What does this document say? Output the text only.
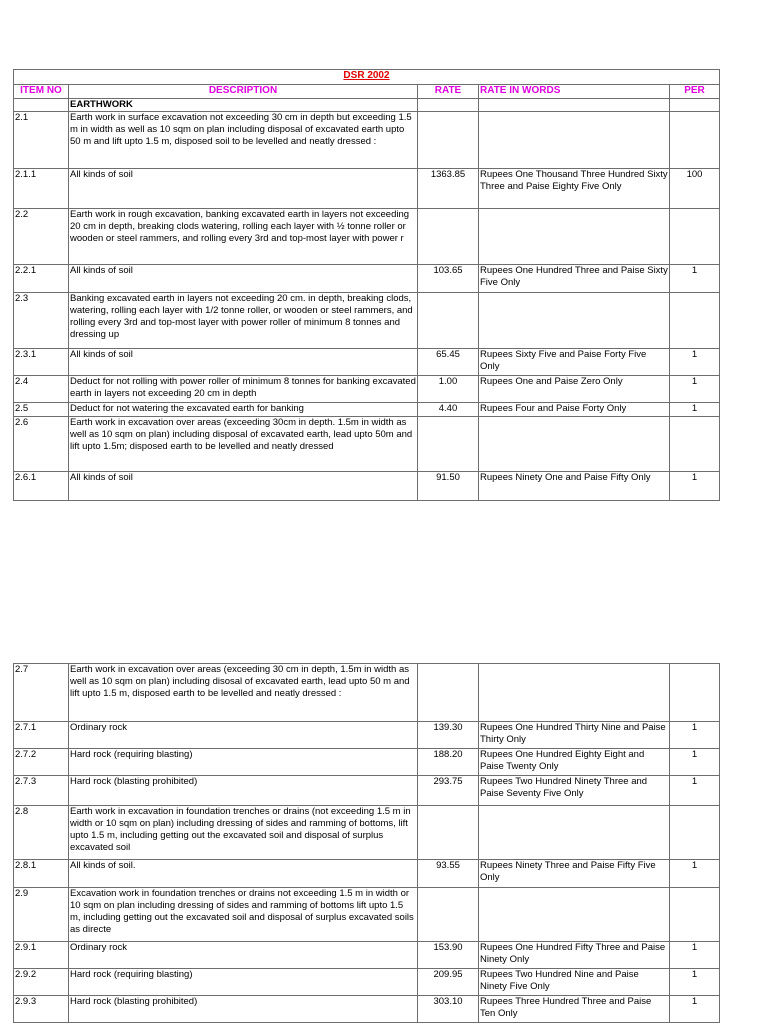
DSR 2002				
ITEM NO	DESCRIPTION	RATE	RATE IN WORDS	PER
	EARTHWORK			
2.1	Earth work in surface excavation not exceeding 30 cm in depth but exceeding 1.5 m in width as well as 10 sqm on plan including disposal of excavated earth upto 50 m and lift upto 1.5 m, disposed soil to be levelled and neatly dressed :			
2.1.1	All kinds of soil	1363.85	Rupees One Thousand Three Hundred Sixty Three and Paise Eighty Five Only	100
2.2	Earth work in rough excavation, banking excavated earth in layers not exceeding 20 cm in depth, breaking clods watering, rolling each layer with ½ tonne roller or wooden or steel rammers, and rolling every 3rd and top-most layer with power r			
2.2.1	All kinds of soil	103.65	Rupees One Hundred Three and Paise Sixty Five Only	1
2.3	Banking excavated earth in layers not exceeding 20 cm. in depth, breaking clods, watering, rolling each layer with 1/2 tonne roller, or wooden or steel rammers, and rolling every 3rd and top-most layer with power roller of minimum 8 tonnes and dressing up			
2.3.1	All kinds of soil	65.45	Rupees Sixty Five and Paise Forty Five Only	1
2.4	Deduct for not rolling with power roller of minimum 8 tonnes for banking excavated earth in layers not exceeding 20 cm in depth	1.00	Rupees One and Paise Zero Only	1
2.5	Deduct for not watering the excavated earth for banking	4.40	Rupees Four and Paise Forty Only	1
2.6	Earth work in excavation over areas (exceeding 30cm in depth. 1.5m in width as well as 10 sqm on plan) including disposal of excavated earth, lead upto 50m and lift upto 1.5m; disposed earth to be levelled and neatly dressed			
2.6.1	All kinds of soil	91.50	Rupees Ninety One and Paise Fifty Only	1
2.7	Earth work in excavation over areas (exceeding 30 cm in depth, 1.5m in width as well as 10 sqm on plan) including disosal of excavated earth, lead upto 50 m and lift upto 1.5 m, disposed earth to be levelled and neatly dressed :			
2.7.1	Ordinary rock	139.30	Rupees One Hundred Thirty Nine and Paise Thirty Only	1
2.7.2	Hard rock (requiring blasting)	188.20	Rupees One Hundred Eighty Eight and Paise Twenty Only	1
2.7.3	Hard rock (blasting prohibited)	293.75	Rupees Two Hundred Ninety Three and Paise Seventy Five Only	1
2.8	Earth work in excavation in foundation trenches or drains (not exceeding 1.5 m in width or 10 sqm on plan) including dressing of sides and ramming of bottoms, lift upto 1.5 m, including getting out the excavated soil and disposal of surplus excavated soil			
2.8.1	All kinds of soil.	93.55	Rupees Ninety Three and Paise Fifty Five Only	1
2.9	Excavation work in foundation trenches or drains not exceeding 1.5 m in width or 10 sqm on plan including dressing of sides and ramming of bottoms lift upto 1.5 m, including getting out the excavated soil and disposal of surplus excavated soils as directe			
2.9.1	Ordinary rock	153.90	Rupees One Hundred Fifty Three and Paise Ninety Only	1
2.9.2	Hard rock (requiring blasting)	209.95	Rupees Two Hundred Nine and Paise Ninety Five Only	1
2.9.3	Hard rock (blasting prohibited)	303.10	Rupees Three Hundred Three and Paise Ten Only	1
